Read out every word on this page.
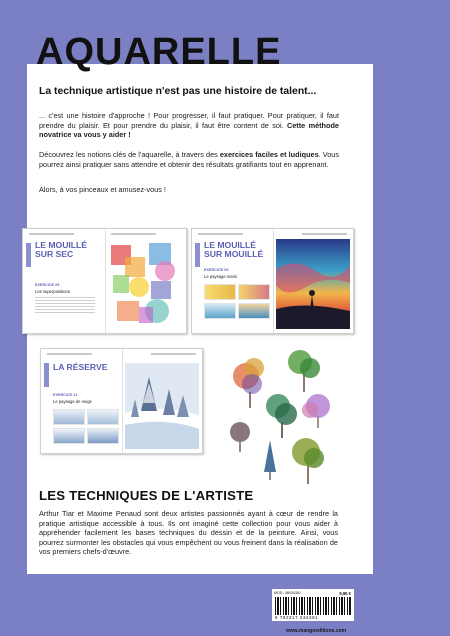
AQUARELLE
La technique artistique n'est pas une histoire de talent...

... c'est une histoire d'approche ! Pour progresser, il faut pratiquer. Pour pratiquer, il faut prendre du plaisir. Et pour prendre du plaisir, il faut être content de soi. Cette méthode novatrice va vous y aider !

Découvrez les notions clés de l'aquarelle, à travers des exercices faciles et ludiques. Vous pourrez ainsi pratiquer sans attendre et obtenir des résultats gratifiants tout en apprenant.

Alors, à vos pinceaux et amusez-vous !

LE MOUILLÉ SUR SEC
EXERCICE 05
Les superpositions
LE MOUILLÉ SUR MOUILLÉ
EXERCICE 09
Le paysage marin
LA RÉSERVE
EXERCICE 21
Le paysage de neige
LES TECHNIQUES DE L'ARTISTE

Arthur Tiar et Maxime Penaud sont deux artistes passionnés ayant à cœur de rendre la pratique artistique accessible à tous. Ils ont imaginé cette collection pour vous aider à appréhender facilement les bases techniques du dessin et de la peinture. Ainsi, vous pourrez surmonter les obstacles qui vous empêchent ou vous freinent dans la réalisation de vos premiers chefs-d'œuvre.

MOD : MN34381	9,95 €
9 782317 034381
www.mangoeditions.com
